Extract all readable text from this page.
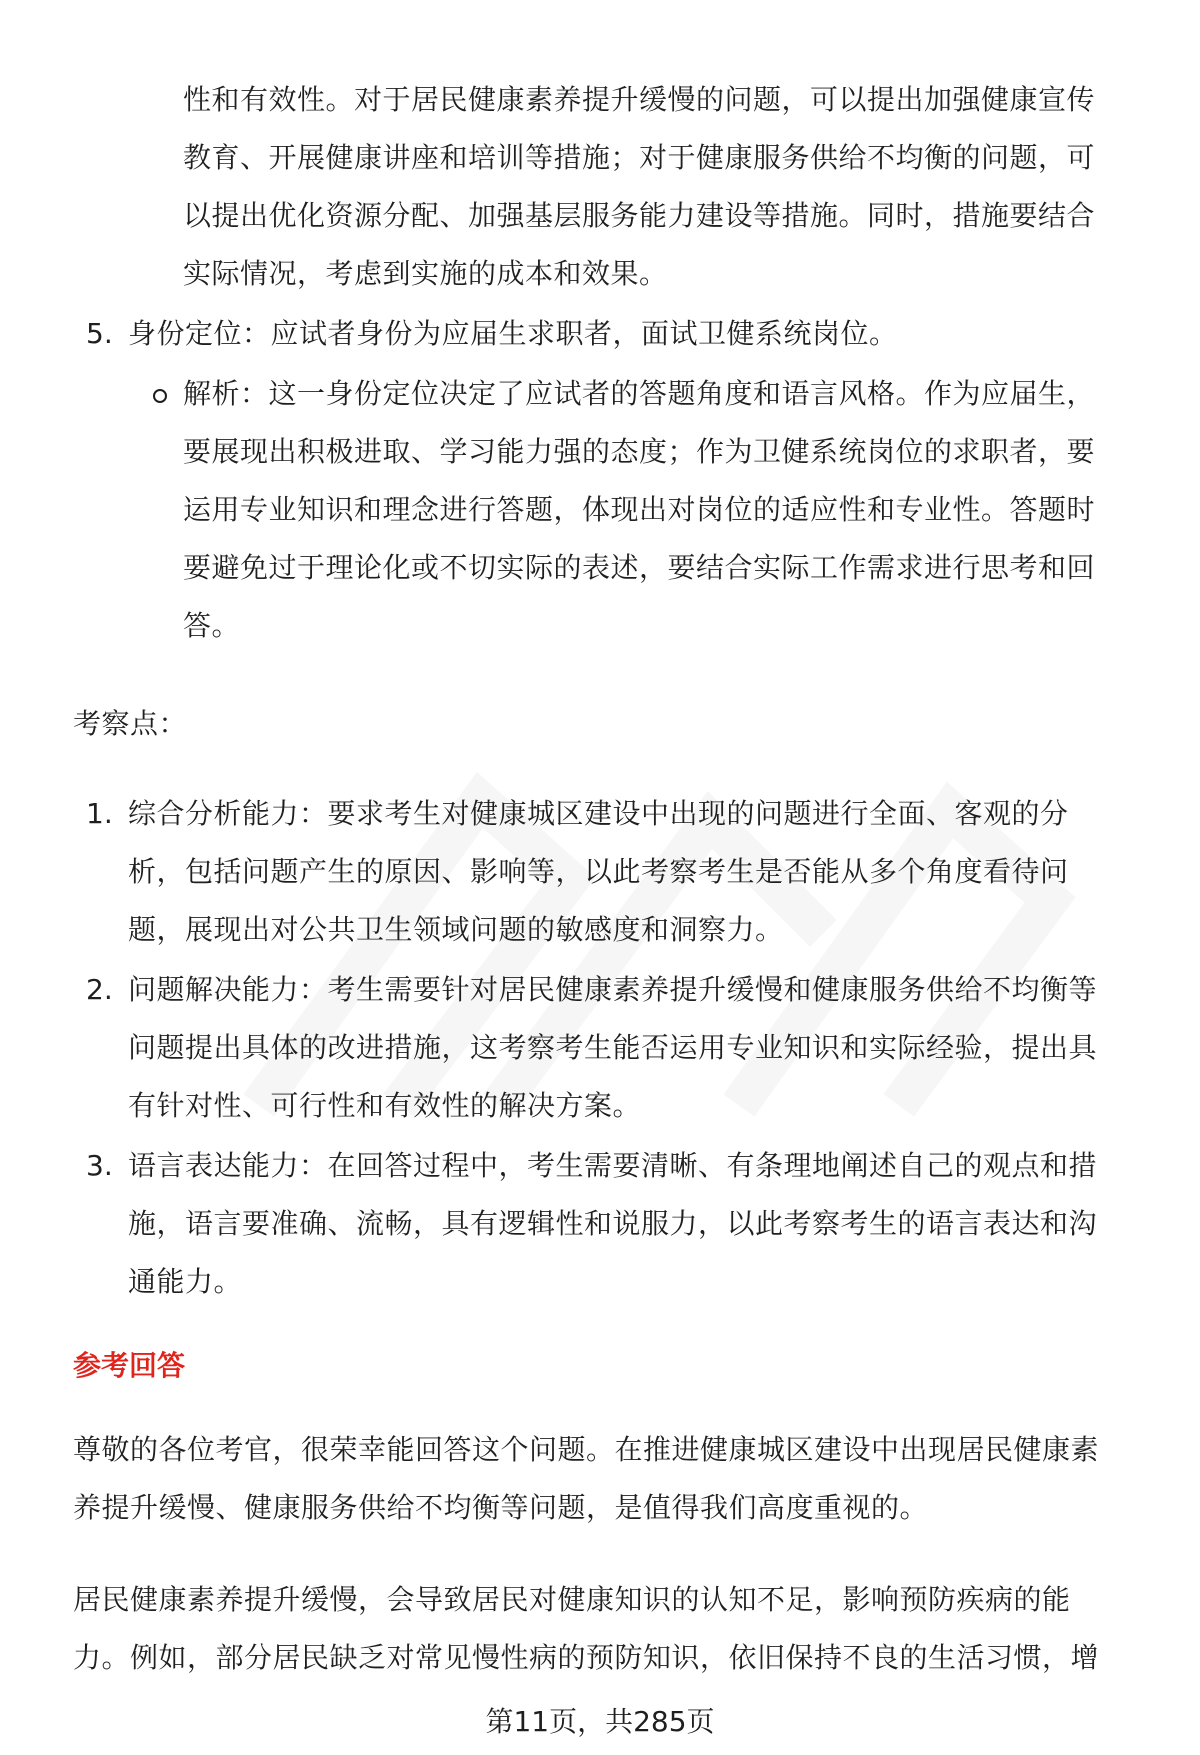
性和有效性。对于居民健康素养提升缓慢的问题，可以提出加强健康宣传
教育、开展健康讲座和培训等措施；对于健康服务供给不均衡的问题，可
以提出优化资源分配、加强基层服务能力建设等措施。同时，措施要结合
实际情况，考虑到实施的成本和效果。
5. 身份定位：应试者身份为应届生求职者，面试卫健系统岗位。
解析：这一身份定位决定了应试者的答题角度和语言风格。作为应届生，
要展现出积极进取、学习能力强的态度；作为卫健系统岗位的求职者，要
运用专业知识和理念进行答题，体现出对岗位的适应性和专业性。答题时
要避免过于理论化或不切实际的表述，要结合实际工作需求进行思考和回
答。
考察点：
1. 综合分析能力：要求考生对健康城区建设中出现的问题进行全面、客观的分
析，包括问题产生的原因、影响等，以此考察考生是否能从多个角度看待问
题，展现出对公共卫生领域问题的敏感度和洞察力。
2. 问题解决能力：考生需要针对居民健康素养提升缓慢和健康服务供给不均衡等
问题提出具体的改进措施，这考察考生能否运用专业知识和实际经验，提出具
有针对性、可行性和有效性的解决方案。
3. 语言表达能力：在回答过程中，考生需要清晰、有条理地阐述自己的观点和措
施，语言要准确、流畅，具有逻辑性和说服力，以此考察考生的语言表达和沟
通能力。
参考回答
尊敬的各位考官，很荣幸能回答这个问题。在推进健康城区建设中出现居民健康素
养提升缓慢、健康服务供给不均衡等问题，是值得我们高度重视的。
居民健康素养提升缓慢，会导致居民对健康知识的认知不足，影响预防疾病的能
力。例如，部分居民缺乏对常见慢性病的预防知识，依旧保持不良的生活习惯，增
第11页，共285页
